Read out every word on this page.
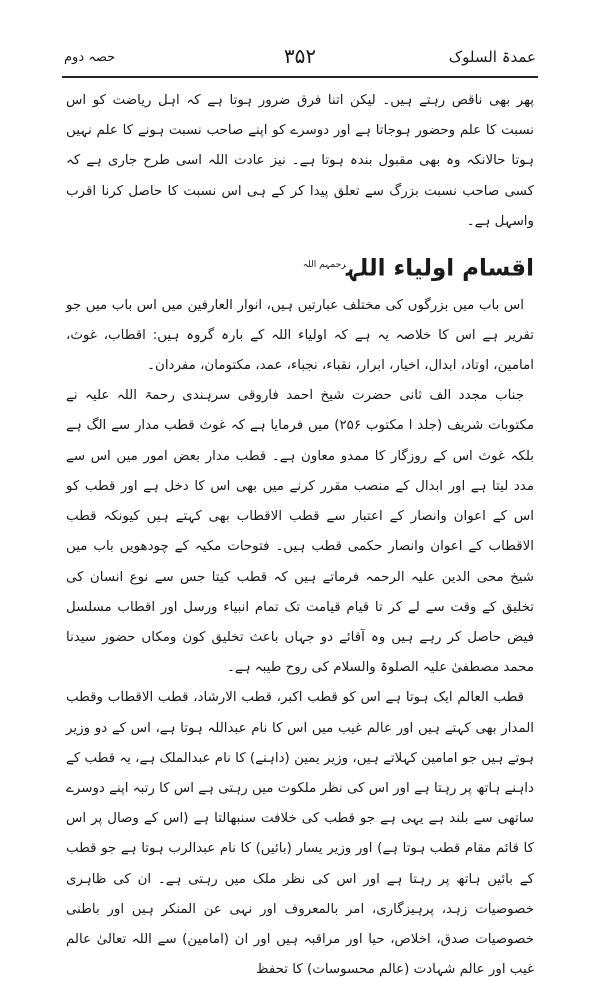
عمدۃ السلوک
۳۵۲
حصہ دوم

پھر بھی ناقص رہتے ہیں۔ لیکن اتنا فرق ضرور ہوتا ہے کہ اہل ریاضت کو اس نسبت کا علم وحضور ہوجاتا ہے اور دوسرے کو اپنے صاحب نسبت ہونے کا علم نہیں ہوتا حالانکہ وہ بھی مقبول بندہ ہوتا ہے۔ نیز عادت اللہ اسی طرح جاری ہے کہ کسی صاحب نسبت بزرگ سے تعلق پیدا کر کے ہی اس نسبت کا حاصل کرنا اقرب واسہل ہے۔

اقسام اولیاء اللہ$^{رحمہم اللہ}$

اس باب میں بزرگوں کی مختلف عبارتیں ہیں، انوار العارفین میں اس باب میں جو تقریر ہے اس کا خلاصہ یہ ہے کہ اولیاء اللہ کے بارہ گروہ ہیں: اقطاب، غوث، امامین، اوتاد، ابدال، اخیار، ابرار، نقباء، نجباء، عمد، مکتومان، مفردان۔

جناب مجدد الف ثانی حضرت شیخ احمد فاروقی سرہندی رحمۃ اللہ علیہ نے مکتوبات شریف (جلد ا مکتوب ۲۵۶) میں فرمایا ہے کہ غوث قطب مدار سے الگ ہے بلکہ غوث اس کے روزگار کا ممدو معاون ہے۔ قطب مدار بعض امور میں اس سے مدد لیتا ہے اور ابدال کے منصب مقرر کرنے میں بھی اس کا دخل ہے اور قطب کو اس کے اعوان وانصار کے اعتبار سے قطب الاقطاب بھی کہتے ہیں کیونکہ قطب الاقطاب کے اعوان وانصار حکمی قطب ہیں۔ فتوحات مکیہ کے چودھویں باب میں شیخ محی الدین علیہ الرحمہ فرماتے ہیں کہ قطب کیتا جس سے نوع انسان کی تخلیق کے وقت سے لے کر تا قیام قیامت تک تمام انبیاء ورسل اور اقطاب مسلسل فیض حاصل کر رہے ہیں وہ آقائے دو جہاں باعث تخلیق کون ومکاں حضور سیدنا محمد مصطفیٰ علیہ الصلوۃ والسلام کی روح طیبہ ہے۔

قطب العالم ایک ہوتا ہے اس کو قطب اکبر، قطب الارشاد، قطب الاقطاب وقطب المدار بھی کہتے ہیں اور عالم غیب میں اس کا نام عبداللہ ہوتا ہے، اس کے دو وزیر ہوتے ہیں جو امامین کہلاتے ہیں، وزیر یمین (داہنے) کا نام عبدالملک ہے، یہ قطب کے داہنے ہاتھ پر رہتا ہے اور اس کی نظر ملکوت میں رہتی ہے اس کا رتبہ اپنے دوسرے ساتھی سے بلند ہے یہی ہے جو قطب کی خلافت سنبھالتا ہے (اس کے وصال پر اس کا قائم مقام قطب ہوتا ہے) اور وزیر یسار (بائیں) کا نام عبدالرب ہوتا ہے جو قطب کے بائیں ہاتھ پر رہتا ہے اور اس کی نظر ملک میں رہتی ہے۔ ان کی ظاہری خصوصیات زہد، پرہیزگاری، امر بالمعروف اور نہی عن المنکر ہیں اور باطنی خصوصیات صدق، اخلاص، حیا اور مراقبہ ہیں اور ان (امامین) سے اللہ تعالیٰ عالم غیب اور عالم شہادت (عالم محسوسات) کا تحفظ
